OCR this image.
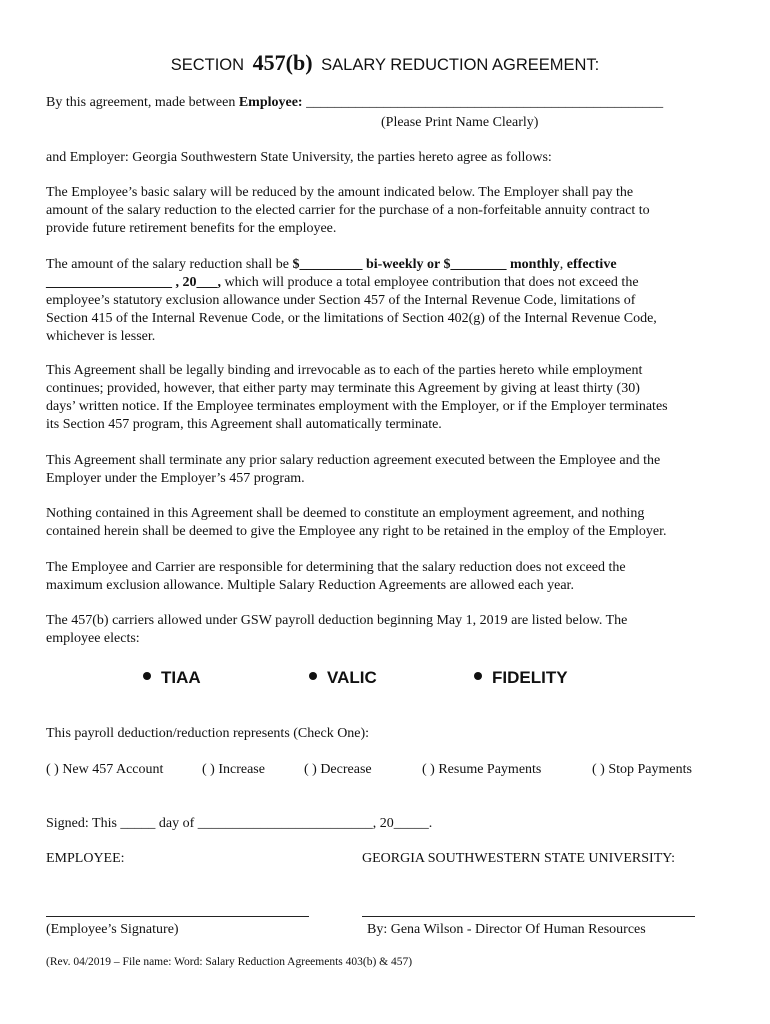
SECTION 457(b) SALARY REDUCTION AGREEMENT:
By this agreement, made between Employee: ___________________________________________________
(Please Print Name Clearly)
and Employer: Georgia Southwestern State University, the parties hereto agree as follows:
The Employee’s basic salary will be reduced by the amount indicated below. The Employer shall pay the
amount of the salary reduction to the elected carrier for the purchase of a non-forfeitable annuity contract to
provide future retirement benefits for the employee.
The amount of the salary reduction shall be $_________ bi-weekly or $________ monthly, effective
__________________ , 20___, which will produce a total employee contribution that does not exceed the
employee’s statutory exclusion allowance under Section 457 of the Internal Revenue Code, limitations of
Section 415 of the Internal Revenue Code, or the limitations of Section 402(g) of the Internal Revenue Code,
whichever is lesser.
This Agreement shall be legally binding and irrevocable as to each of the parties hereto while employment
continues; provided, however, that either party may terminate this Agreement by giving at least thirty (30)
days’ written notice. If the Employee terminates employment with the Employer, or if the Employer terminates
its Section 457 program, this Agreement shall automatically terminate.
This Agreement shall terminate any prior salary reduction agreement executed between the Employee and the
Employer under the Employer’s 457 program.
Nothing contained in this Agreement shall be deemed to constitute an employment agreement, and nothing
contained herein shall be deemed to give the Employee any right to be retained in the employ of the Employer.
The Employee and Carrier are responsible for determining that the salary reduction does not exceed the
maximum exclusion allowance. Multiple Salary Reduction Agreements are allowed each year.
The 457(b) carriers allowed under GSW payroll deduction beginning May 1, 2019 are listed below. The
employee elects:
TIAA	VALIC	FIDELITY
This payroll deduction/reduction represents (Check One):
( ) New 457 Account	( ) Increase	( ) Decrease	( ) Resume Payments	( ) Stop Payments
Signed: This _____ day of _________________________, 20_____.
EMPLOYEE:	GEORGIA SOUTHWESTERN STATE UNIVERSITY:
(Employee’s Signature)	By: Gena Wilson - Director Of Human Resources
(Rev. 04/2019 – File name: Word: Salary Reduction Agreements 403(b) & 457)
